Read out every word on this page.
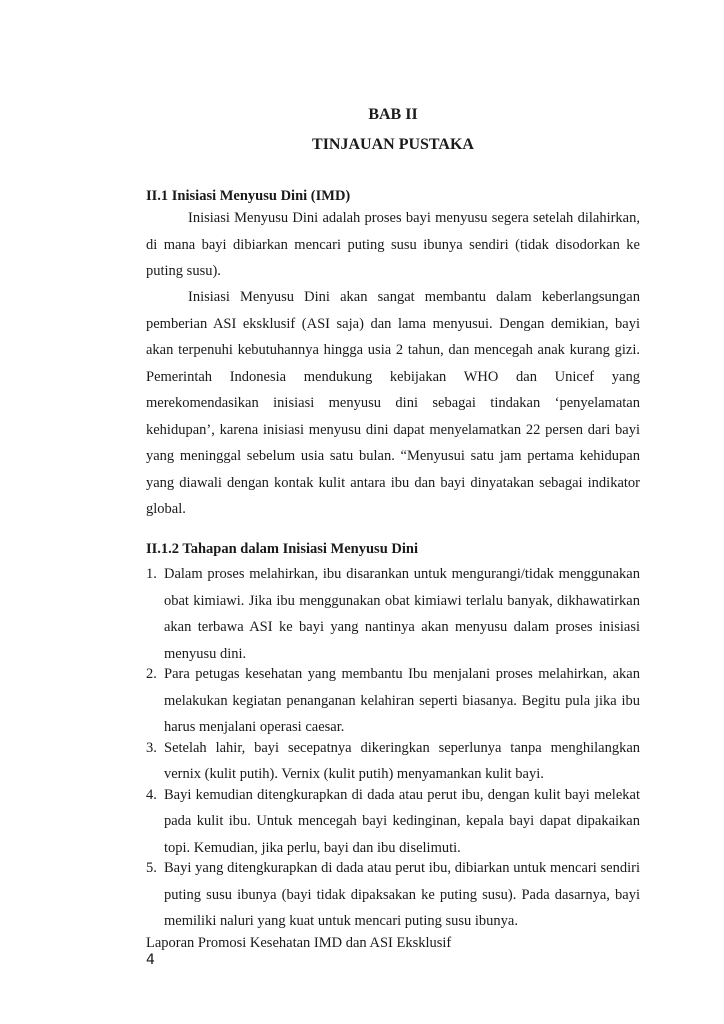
BAB II
TINJAUAN PUSTAKA
II.1 Inisiasi Menyusu Dini (IMD)

Inisiasi Menyusu Dini adalah proses bayi menyusu segera setelah dilahirkan, di mana bayi dibiarkan mencari puting susu ibunya sendiri (tidak disodorkan ke puting susu).

Inisiasi Menyusu Dini akan sangat membantu dalam keberlangsungan pemberian ASI eksklusif (ASI saja) dan lama menyusui. Dengan demikian, bayi akan terpenuhi kebutuhannya hingga usia 2 tahun, dan mencegah anak kurang gizi. Pemerintah Indonesia mendukung kebijakan WHO dan Unicef yang merekomendasikan inisiasi menyusu dini sebagai tindakan ‘penyelamatan kehidupan’, karena inisiasi menyusu dini dapat menyelamatkan 22 persen dari bayi yang meninggal sebelum usia satu bulan. “Menyusui satu jam pertama kehidupan yang diawali dengan kontak kulit antara ibu dan bayi dinyatakan sebagai indikator global.

II.1.2 Tahapan dalam Inisiasi Menyusu Dini
1. Dalam proses melahirkan, ibu disarankan untuk mengurangi/tidak menggunakan obat kimiawi. Jika ibu menggunakan obat kimiawi terlalu banyak, dikhawatirkan akan terbawa ASI ke bayi yang nantinya akan menyusu dalam proses inisiasi menyusu dini.
2. Para petugas kesehatan yang membantu Ibu menjalani proses melahirkan, akan melakukan kegiatan penanganan kelahiran seperti biasanya. Begitu pula jika ibu harus menjalani operasi caesar.
3. Setelah lahir, bayi secepatnya dikeringkan seperlunya tanpa menghilangkan vernix (kulit putih). Vernix (kulit putih) menyamankan kulit bayi.
4. Bayi kemudian ditengkurapkan di dada atau perut ibu, dengan kulit bayi melekat pada kulit ibu. Untuk mencegah bayi kedinginan, kepala bayi dapat dipakaikan topi. Kemudian, jika perlu, bayi dan ibu diselimuti.
5. Bayi yang ditengkurapkan di dada atau perut ibu, dibiarkan untuk mencari sendiri puting susu ibunya (bayi tidak dipaksakan ke puting susu). Pada dasarnya, bayi memiliki naluri yang kuat untuk mencari puting susu ibunya.
Laporan Promosi Kesehatan IMD dan ASI Eksklusif
4
